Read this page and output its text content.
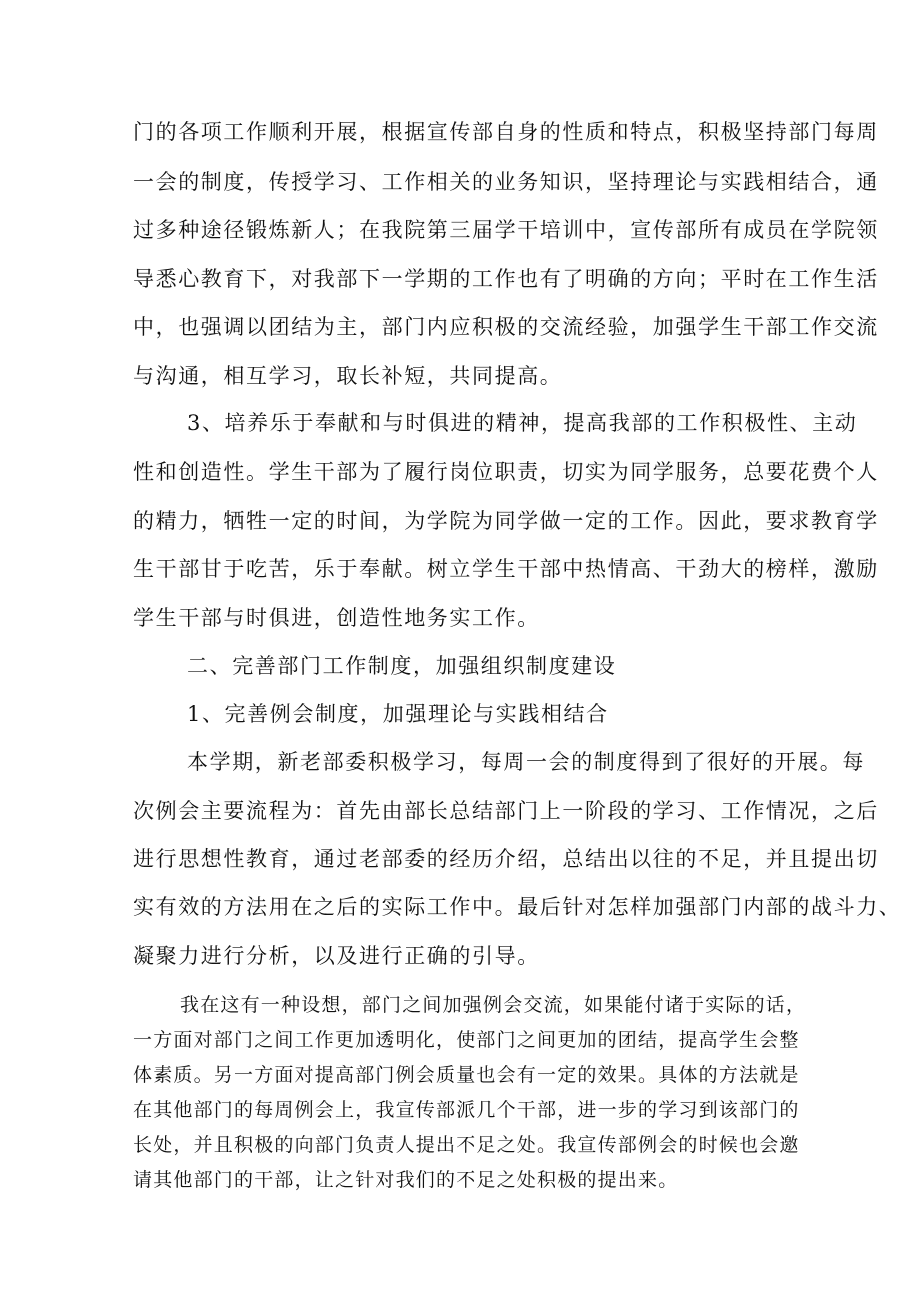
门的各项工作顺利开展，根据宣传部自身的性质和特点，积极坚持部门每周
一会的制度，传授学习、工作相关的业务知识，坚持理论与实践相结合，通
过多种途径锻炼新人；在我院第三届学干培训中，宣传部所有成员在学院领
导悉心教育下，对我部下一学期的工作也有了明确的方向；平时在工作生活
中，也强调以团结为主，部门内应积极的交流经验，加强学生干部工作交流
与沟通，相互学习，取长补短，共同提高。
3、培养乐于奉献和与时俱进的精神，提高我部的工作积极性、主动
性和创造性。学生干部为了履行岗位职责，切实为同学服务，总要花费个人
的精力，牺牲一定的时间，为学院为同学做一定的工作。因此，要求教育学
生干部甘于吃苦，乐于奉献。树立学生干部中热情高、干劲大的榜样，激励
学生干部与时俱进，创造性地务实工作。
二、完善部门工作制度，加强组织制度建设
1、完善例会制度，加强理论与实践相结合
本学期，新老部委积极学习，每周一会的制度得到了很好的开展。每
次例会主要流程为：首先由部长总结部门上一阶段的学习、工作情况，之后
进行思想性教育，通过老部委的经历介绍，总结出以往的不足，并且提出切
实有效的方法用在之后的实际工作中。最后针对怎样加强部门内部的战斗力、
凝聚力进行分析，以及进行正确的引导。
我在这有一种设想，部门之间加强例会交流，如果能付诸于实际的话，
一方面对部门之间工作更加透明化，使部门之间更加的团结，提高学生会整
体素质。另一方面对提高部门例会质量也会有一定的效果。具体的方法就是
在其他部门的每周例会上，我宣传部派几个干部，进一步的学习到该部门的
长处，并且积极的向部门负责人提出不足之处。我宣传部例会的时候也会邀
请其他部门的干部，让之针对我们的不足之处积极的提出来。
